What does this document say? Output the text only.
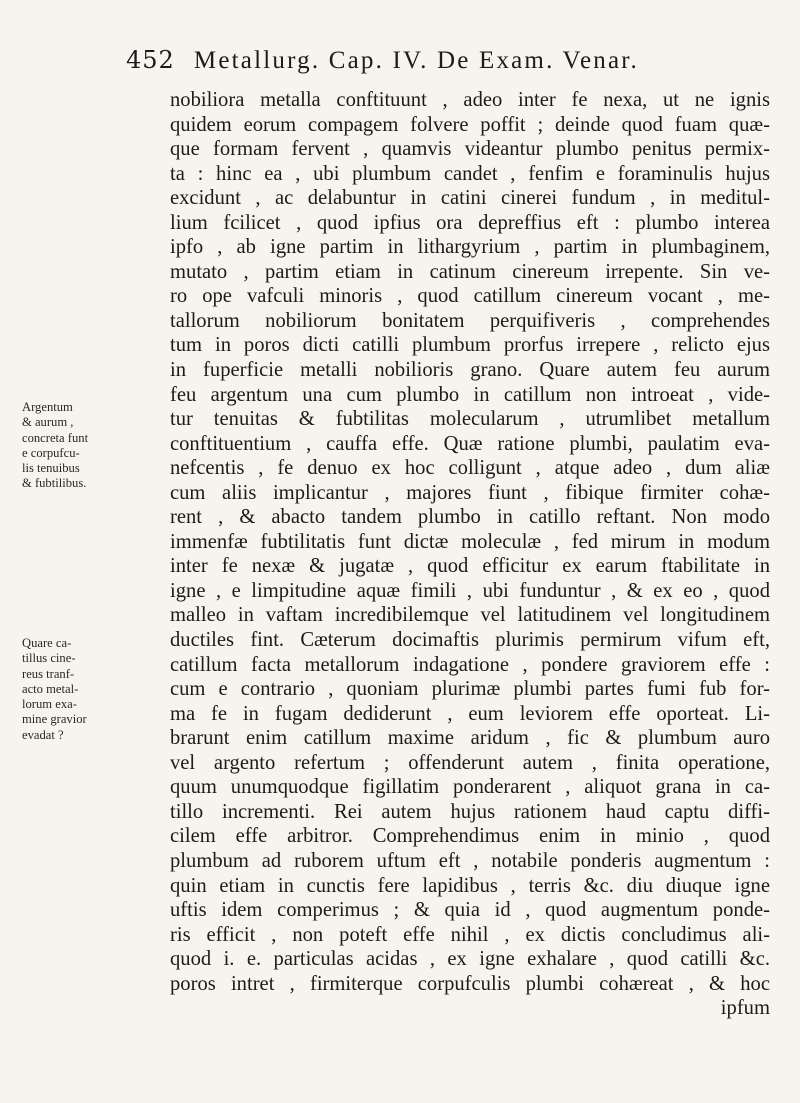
452 Metallurg. Cap. IV. De Exam. Venar.
Argentum
& aurum ,
concreta funt
e corpufcu-
lis tenuibus
& fubtilibus.
Quare ca-
tillus cine-
reus tranf-
acto metal-
lorum exa-
mine gravior
evadat ?
nobiliora metalla conftituunt , adeo inter fe nexa, ut ne ignis
quidem eorum compagem folvere poffit ; deinde quod fuam quæ-
que formam fervent , quamvis videantur plumbo penitus permix-
ta : hinc ea , ubi plumbum candet , fenfim e foraminulis hujus
excidunt , ac delabuntur in catini cinerei fundum , in meditul-
lium fcilicet , quod ipfius ora depreffius eft : plumbo interea
ipfo , ab igne partim in lithargyrium , partim in plumbaginem,
mutato , partim etiam in catinum cinereum irrepente. Sin ve-
ro ope vafculi minoris , quod catillum cinereum vocant , me-
tallorum nobiliorum bonitatem perquifiveris , comprehendes
tum in poros dicti catilli plumbum prorfus irrepere , relicto ejus
in fuperficie metalli nobilioris grano. Quare autem feu aurum
feu argentum una cum plumbo in catillum non introeat , vide-
tur tenuitas & fubtilitas molecularum , utrumlibet metallum
conftituentium , cauffa effe. Quæ ratione plumbi, paulatim eva-
nefcentis , fe denuo ex hoc colligunt , atque adeo , dum aliæ
cum aliis implicantur , majores fiunt , fibique firmiter cohæ-
rent , & abacto tandem plumbo in catillo reftant. Non modo
immenfæ fubtilitatis funt dictæ moleculæ , fed mirum in modum
inter fe nexæ & jugatæ , quod efficitur ex earum ftabilitate in
igne , e limpitudine aquæ fimili , ubi funduntur , & ex eo , quod
malleo in vaftam incredibilemque vel latitudinem vel longitudinem
ductiles fint. Cæterum docimaftis plurimis permirum vifum eft,
catillum facta metallorum indagatione , pondere graviorem effe :
cum e contrario , quoniam plurimæ plumbi partes fumi fub for-
ma fe in fugam dediderunt , eum leviorem effe oporteat. Li-
brarunt enim catillum maxime aridum , fic & plumbum auro
vel argento refertum ; offenderunt autem , finita operatione,
quum unumquodque figillatim ponderarent , aliquot grana in ca-
tillo incrementi. Rei autem hujus rationem haud captu diffi-
cilem effe arbitror. Comprehendimus enim in minio , quod
plumbum ad ruborem uftum eft , notabile ponderis augmentum :
quin etiam in cunctis fere lapidibus , terris &c. diu diuque igne
uftis idem comperimus ; & quia id , quod augmentum ponde-
ris efficit , non poteft effe nihil , ex dictis concludimus ali-
quod i. e. particulas acidas , ex igne exhalare , quod catilli &c.
poros intret , firmiterque corpufculis plumbi cohæreat , & hoc
ipfum
